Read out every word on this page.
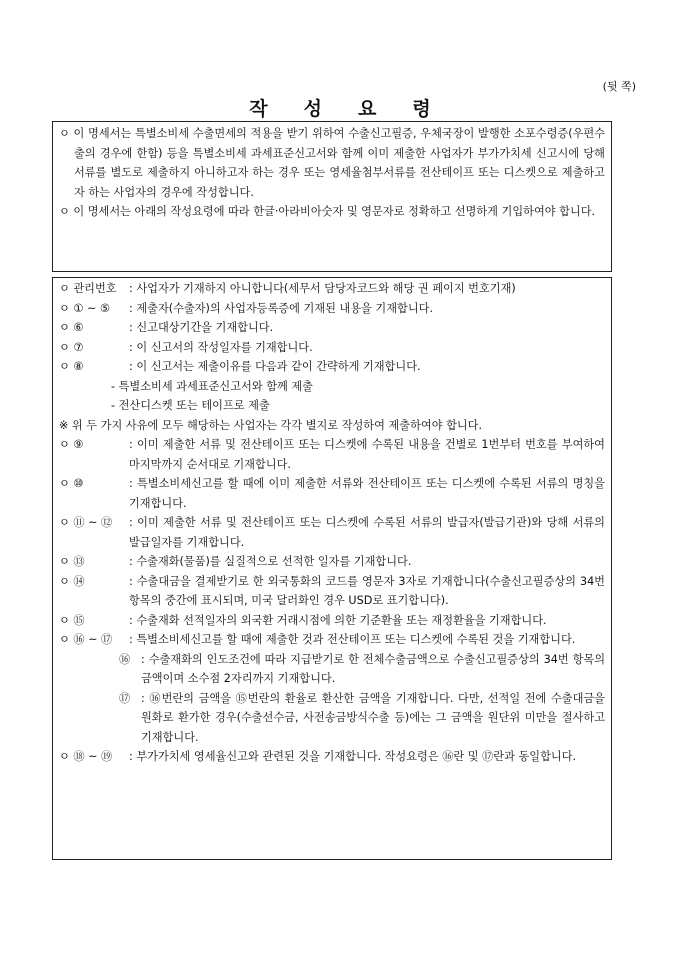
(뒷 쪽)
작 성 요 령
ㅇ 이 명세서는 특별소비세 수출면세의 적용을 받기 위하여 수출신고필증, 우체국장이 발행한 소포수령증(우편수출의 경우에 한함) 등을 특별소비세 과세표준신고서와 함께 이미 제출한 사업자가 부가가치세 신고시에 당해 서류를 별도로 제출하지 아니하고자 하는 경우 또는 영세율첨부서류를 전산테이프 또는 디스켓으로 제출하고자 하는 사업자의 경우에 작성합니다.
ㅇ 이 명세서는 아래의 작성요령에 따라 한글·아라비아숫자 및 영문자로 정확하고 선명하게 기입하여야 합니다.
ㅇ 관리번호	: 사업자가 기재하지 아니합니다(세무서 담당자코드와 해당 권 페이지 번호기재)
ㅇ ① ~ ⑤	: 제출자(수출자)의 사업자등록증에 기재된 내용을 기재합니다.
ㅇ ⑥	: 신고대상기간을 기재합니다.
ㅇ ⑦	: 이 신고서의 작성일자를 기재합니다.
ㅇ ⑧	: 이 신고서는 제출이유를 다음과 같이 간략하게 기재합니다.
- 특별소비세 과세표준신고서와 함께 제출
- 전산디스켓 또는 테이프로 제출
※ 위 두 가지 사유에 모두 해당하는 사업자는 각각 별지로 작성하여 제출하여야 합니다.
ㅇ ⑨	: 이미 제출한 서류 및 전산테이프 또는 디스켓에 수록된 내용을 건별로 1번부터 번호를 부여하여 마지막까지 순서대로 기재합니다.
ㅇ ⑩	: 특별소비세신고를 할 때에 이미 제출한 서류와 전산테이프 또는 디스켓에 수록된 서류의 명칭을 기재합니다.
ㅇ ⑪ ~ ⑫	: 이미 제출한 서류 및 전산테이프 또는 디스켓에 수록된 서류의 발급자(발급기관)와 당해 서류의 발급일자를 기재합니다.
ㅇ ⑬	: 수출재화(물품)를 실질적으로 선적한 일자를 기재합니다.
ㅇ ⑭	: 수출대금을 결제받기로 한 외국통화의 코드를 영문자 3자로 기재합니다(수출신고필증상의 34번 항목의 중간에 표시되며, 미국 달러화인 경우 USD로 표기합니다).
ㅇ ⑮	: 수출재화 선적일자의 외국환 거래시점에 의한 기준환율 또는 재정환율을 기재합니다.
ㅇ ⑯ ~ ⑰	: 특별소비세신고를 할 때에 제출한 것과 전산테이프 또는 디스켓에 수록된 것을 기재합니다.
⑯ : 수출재화의 인도조건에 따라 지급받기로 한 전체수출금액으로 수출신고필증상의 34번 항목의 금액이며 소수점 2자리까지 기재합니다.
⑰ : ⑯번란의 금액을 ⑮번란의 환율로 환산한 금액을 기재합니다. 다만, 선적일 전에 수출대금을 원화로 환가한 경우(수출선수금, 사전송금방식수출 등)에는 그 금액을 원단위 미만을 절사하고 기재합니다.
ㅇ ⑱ ~ ⑲	: 부가가치세 영세율신고와 관련된 것을 기재합니다. 작성요령은 ⑯란 및 ⑰란과 동일합니다.
